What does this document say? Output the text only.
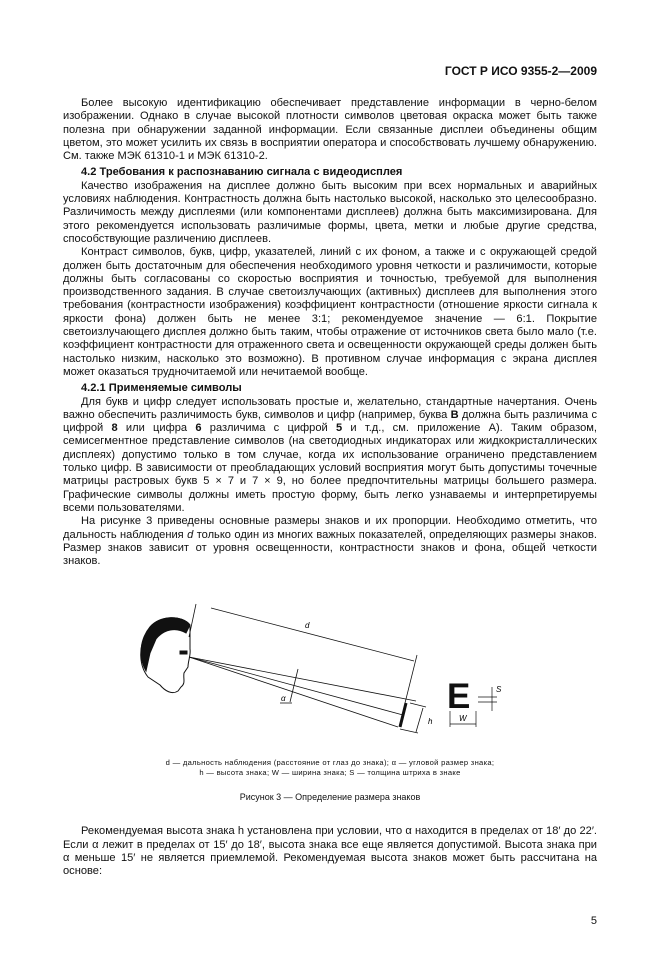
ГОСТ Р ИСО 9355-2—2009

Более высокую идентификацию обеспечивает представление информации в черно-белом изображении. Однако в случае высокой плотности символов цветовая окраска может быть также полезна при обнаружении заданной информации. Если связанные дисплеи объединены общим цветом, это может усилить их связь в восприятии оператора и способствовать лучшему обнаружению. См. также МЭК 61310-1 и МЭК 61310-2.

4.2 Требования к распознаванию сигнала с видеодисплея

Качество изображения на дисплее должно быть высоким при всех нормальных и аварийных условиях наблюдения. Контрастность должна быть настолько высокой, насколько это целесообразно. Различимость между дисплеями (или компонентами дисплеев) должна быть максимизирована. Для этого рекомендуется использовать различимые формы, цвета, метки и любые другие средства, способствующие различению дисплеев.

Контраст символов, букв, цифр, указателей, линий с их фоном, а также и с окружающей средой должен быть достаточным для обеспечения необходимого уровня четкости и различимости, которые должны быть согласованы со скоростью восприятия и точностью, требуемой для выполнения производственного задания. В случае светоизлучающих (активных) дисплеев для выполнения этого требования (контрастности изображения) коэффициент контрастности (отношение яркости сигнала к яркости фона) должен быть не менее 3:1; рекомендуемое значение — 6:1. Покрытие светоизлучающего дисплея должно быть таким, чтобы отражение от источников света было мало (т.е. коэффициент контрастности для отраженного света и освещенности окружающей среды должен быть настолько низким, насколько это возможно). В противном случае информация с экрана дисплея может оказаться трудночитаемой или нечитаемой вообще.

4.2.1 Применяемые символы

Для букв и цифр следует использовать простые и, желательно, стандартные начертания. Очень важно обеспечить различимость букв, символов и цифр (например, буква В должна быть различима с цифрой 8 или цифра 6 различима с цифрой 5 и т.д., см. приложение А). Таким образом, семисегментное представление символов (на светодиодных индикаторах или жидкокристаллических дисплеях) допустимо только в том случае, когда их использование ограничено представлением только цифр. В зависимости от преобладающих условий восприятия могут быть допустимы точечные матрицы растровых букв 5 × 7 и 7 × 9, но более предпочтительны матрицы большего размера. Графические символы должны иметь простую форму, быть легко узнаваемы и интерпретируемы всеми пользователями.

На рисунке 3 приведены основные размеры знаков и их пропорции. Необходимо отметить, что дальность наблюдения d только один из многих важных показателей, определяющих размеры знаков. Размер знаков зависит от уровня освещенности, контрастности знаков и фона, общей четкости знаков.

d
α
h
E
W
S
d — дальность наблюдения (расстояние от глаз до знака); α — угловой размер знака;
h — высота знака; W — ширина знака; S — толщина штриха в знаке
Рисунок 3 — Определение размера знаков

Рекомендуемая высота знака h установлена при условии, что α находится в пределах от 18′ до 22′. Если α лежит в пределах от 15′ до 18′, высота знака все еще является допустимой. Высота знака при α меньше 15′ не является приемлемой. Рекомендуемая высота знаков может быть рассчитана на основе:

5
